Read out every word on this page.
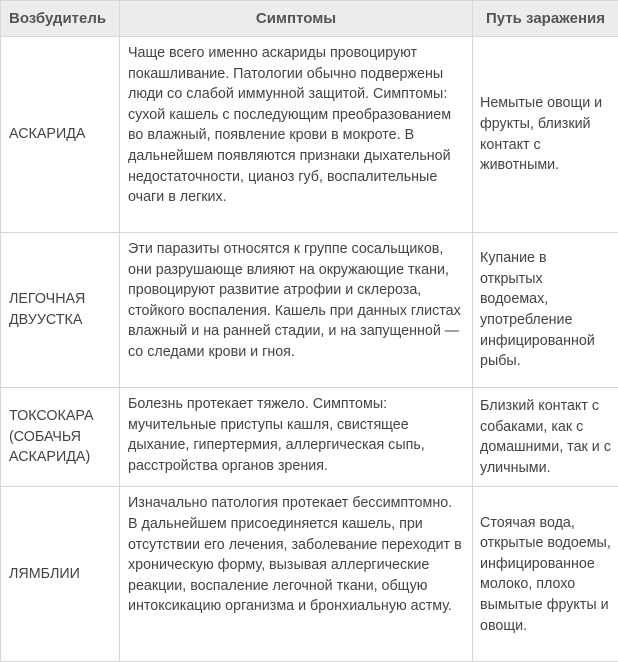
Возбудитель	Симптомы	Путь заражения
АСКАРИДА	Чаще всего именно аскариды провоцируют покашливание. Патологии обычно подвержены люди со слабой иммунной защитой. Симптомы: сухой кашель с последующим преобразованием во влажный, появление крови в мокроте. В дальнейшем появляются признаки дыхательной недостаточности, цианоз губ, воспалительные очаги в легких.	Немытые овощи и фрукты, близкий контакт с животными.
ЛЕГОЧНАЯ ДВУУСТКА	Эти паразиты относятся к группе сосальщиков, они разрушающе влияют на окружающие ткани, провоцируют развитие атрофии и склероза, стойкого воспаления. Кашель при данных глистах влажный и на ранней стадии, и на запущенной — со следами крови и гноя.	Купание в открытых водоемах, употребление инфицированной рыбы.
ТОКСОКАРА (СОБАЧЬЯ АСКАРИДА)	Болезнь протекает тяжело. Симптомы: мучительные приступы кашля, свистящее дыхание, гипертермия, аллергическая сыпь, расстройства органов зрения.	Близкий контакт с собаками, как с домашними, так и с уличными.
ЛЯМБЛИИ	Изначально патология протекает бессимптомно. В дальнейшем присоединяется кашель, при отсутствии его лечения, заболевание переходит в хроническую форму, вызывая аллергические реакции, воспаление легочной ткани, общую интоксикацию организма и бронхиальную астму.	Стоячая вода, открытые водоемы, инфицированное молоко, плохо вымытые фрукты и овощи.
